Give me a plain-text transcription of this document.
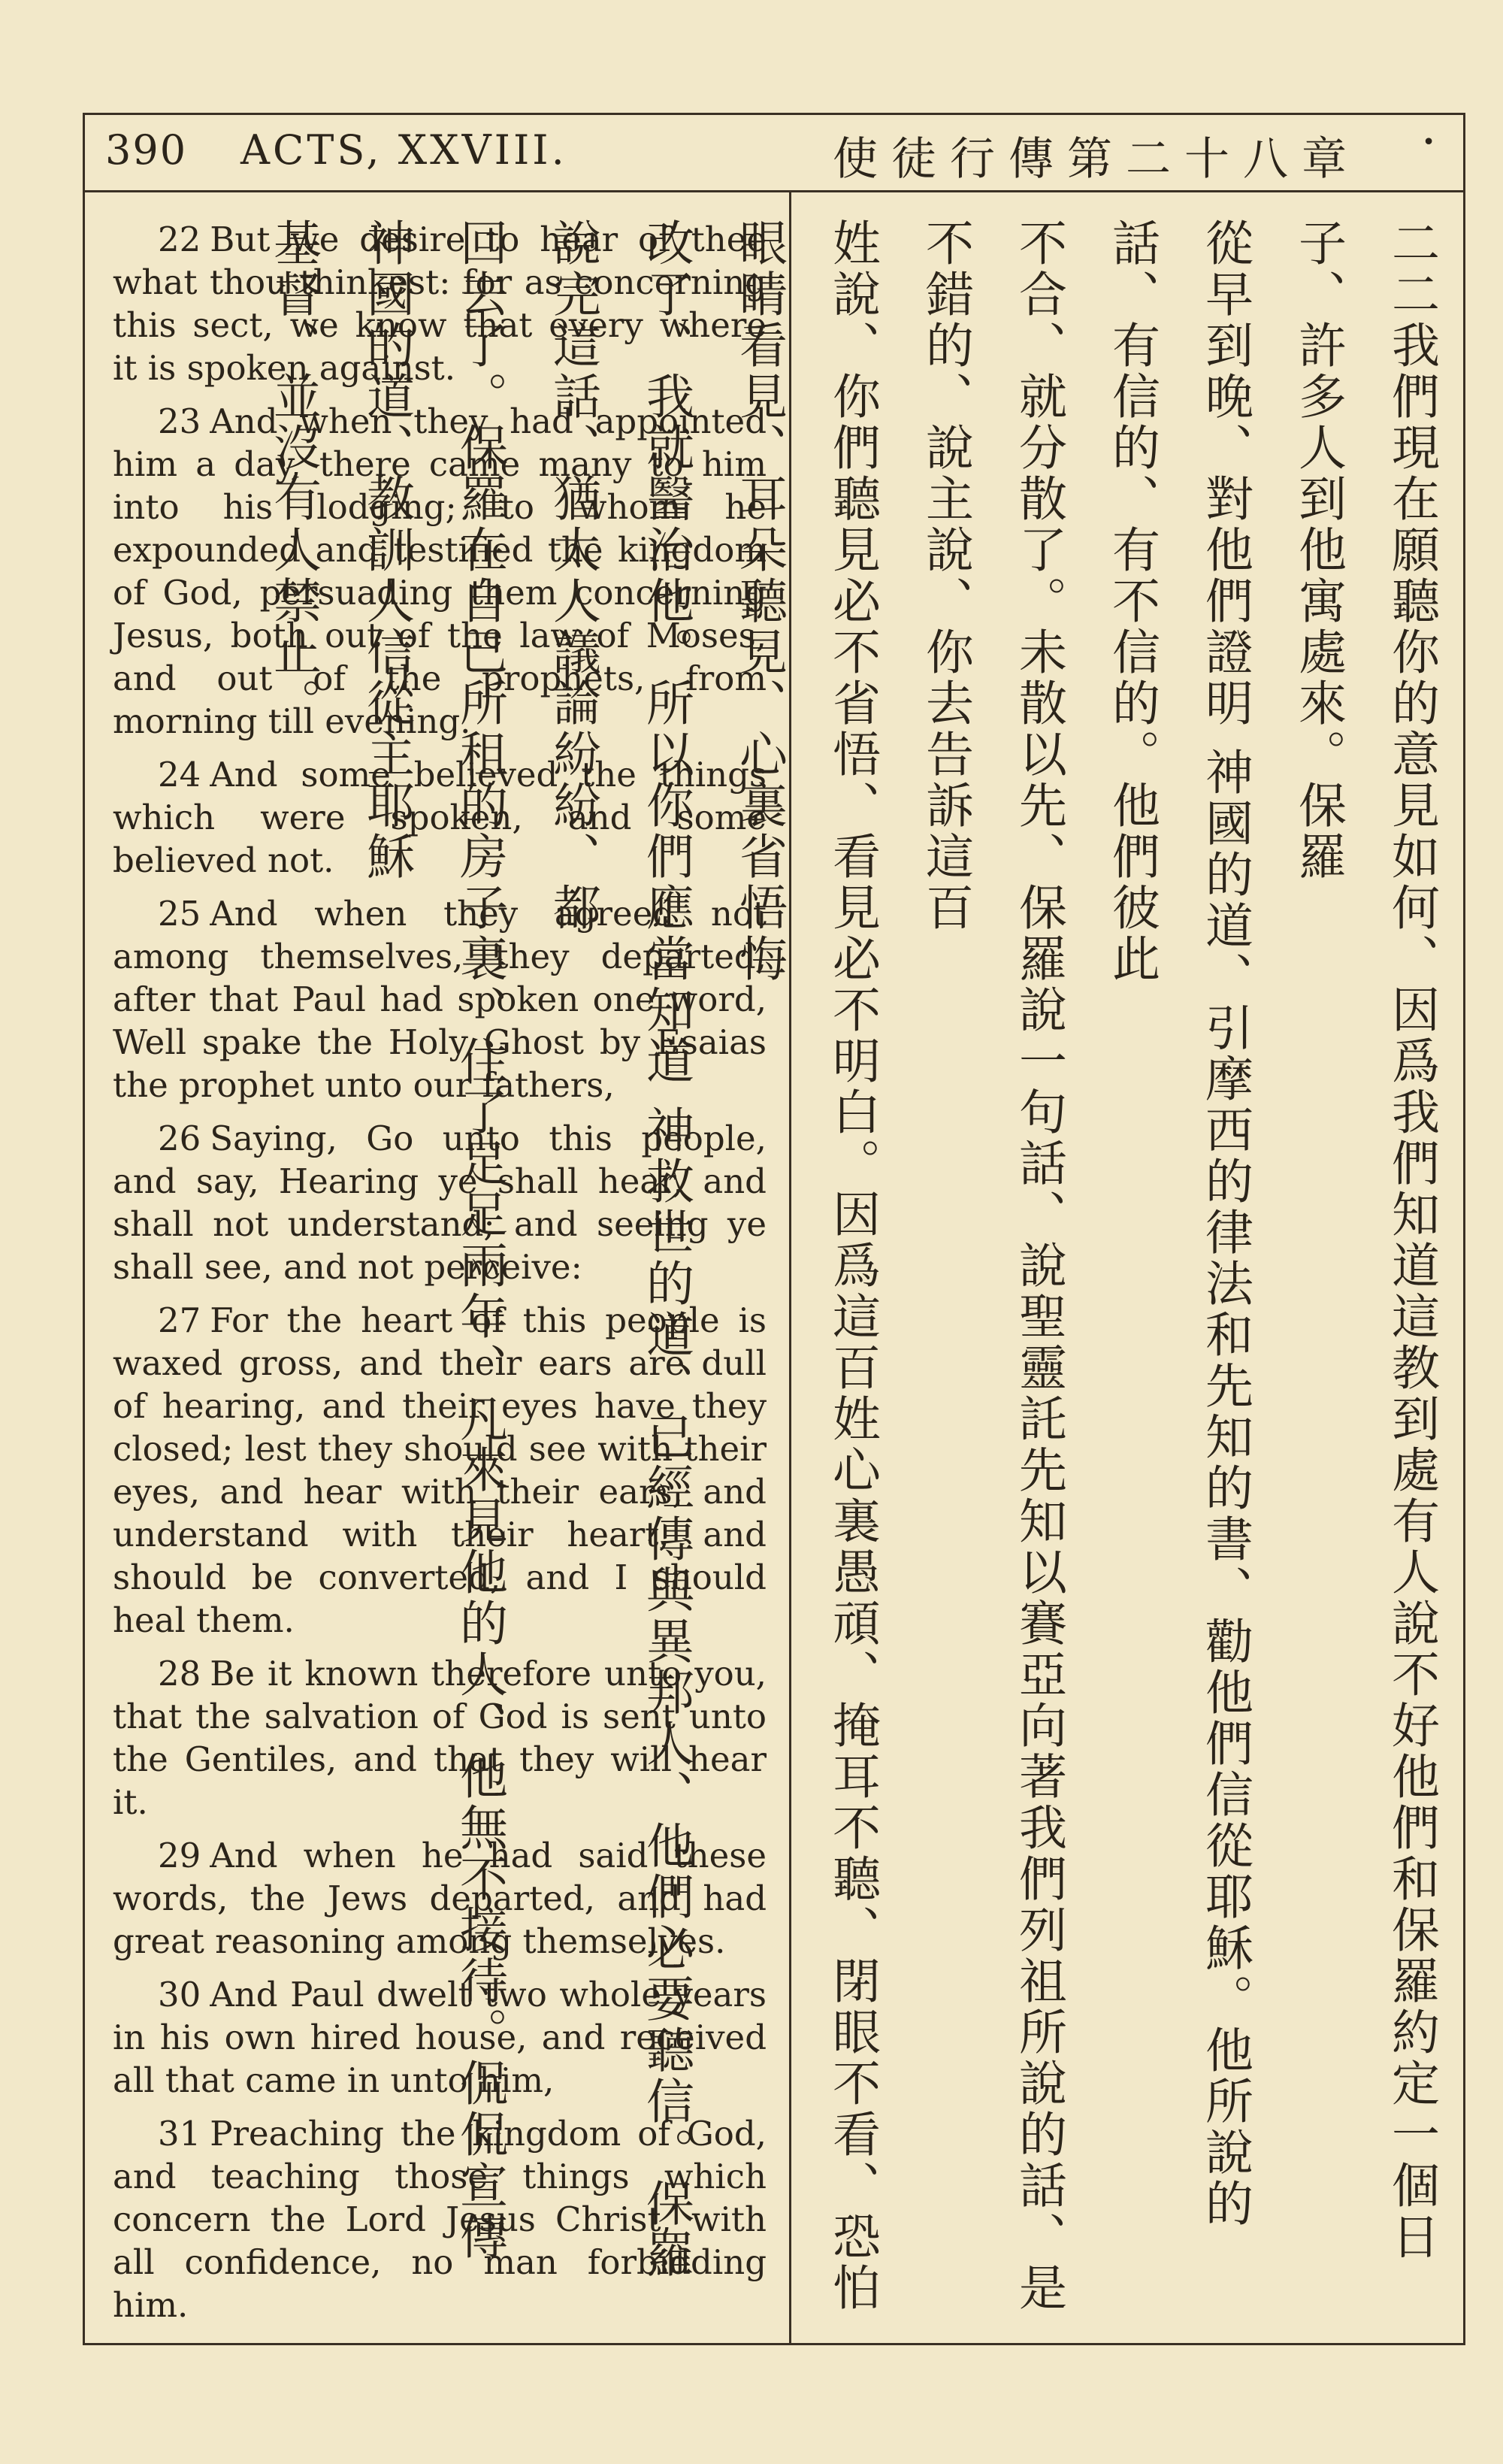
390 ACTS, XXVIII.	使徒行傳第二十八章	•

22 But we desire to hear of thee what thou thinkest: for as concerning this sect, we know that every where it is spoken against.

23 And when they had appointed him a day, there came many to him into his lodging; to whom he expounded and testified the kingdom of God, persuading them concerning Jesus, both out of the law of Moses, and out of the prophets, from morning till evening.

24 And some believed the things which were spoken, and some believed not.

25 And when they agreed not among themselves, they departed, after that Paul had spoken one word, Well spake the Holy Ghost by Esaias the prophet unto our fathers,

26 Saying, Go unto this people, and say, Hearing ye shall hear, and shall not understand; and seeing ye shall see, and not perceive:

27 For the heart of this people is waxed gross, and their ears are dull of hearing, and their eyes have they closed; lest they should see with their eyes, and hear with their ears, and understand with their heart, and should be converted, and I should heal them.

28 Be it known therefore unto you, that the salvation of God is sent unto the Gentiles, and that they will hear it.

29 And when he had said these words, the Jews departed, and had great reasoning among themselves.

30 And Paul dwelt two whole years in his own hired house, and received all that came in unto him,

31 Preaching the kingdom of God, and teaching those things which concern the Lord Jesus Christ, with all confidence, no man forbidding him.

二二我們現在願聽你的意見如何、因爲我們知道這教到處有人說不好他們和保羅約定一個日子、許多人到他寓處來。保羅

從早到晚、對他們證明 神國的道、引摩西的律法和先知的書、勸他們信從耶穌。他所說的話、有信的、有不信的。他們彼此

不合、就分散了。未散以先、保羅說一句話、說聖靈託先知以賽亞向著我們列祖所說的話、是不錯的、說主說、你去告訴這百

姓說、你們聽見必不省悟、看見必不明白。因爲這百姓心裏愚頑、掩耳不聽、閉眼不看、恐怕眼睛看見、耳朵聽見、心裏省悟悔

改了、我就醫治他。所以你們應當知道 神救世的道、已經傳與異邦人、他們必要聽信。保羅說完這話、猶太人議論紛紛、都

回去了。保羅在自己所租的房子裏、住了足足兩年、凡來見他的人、他無不接待。侃侃宣傳 神國的道、教訓人信從主耶穌

基督、並沒有人禁止。
